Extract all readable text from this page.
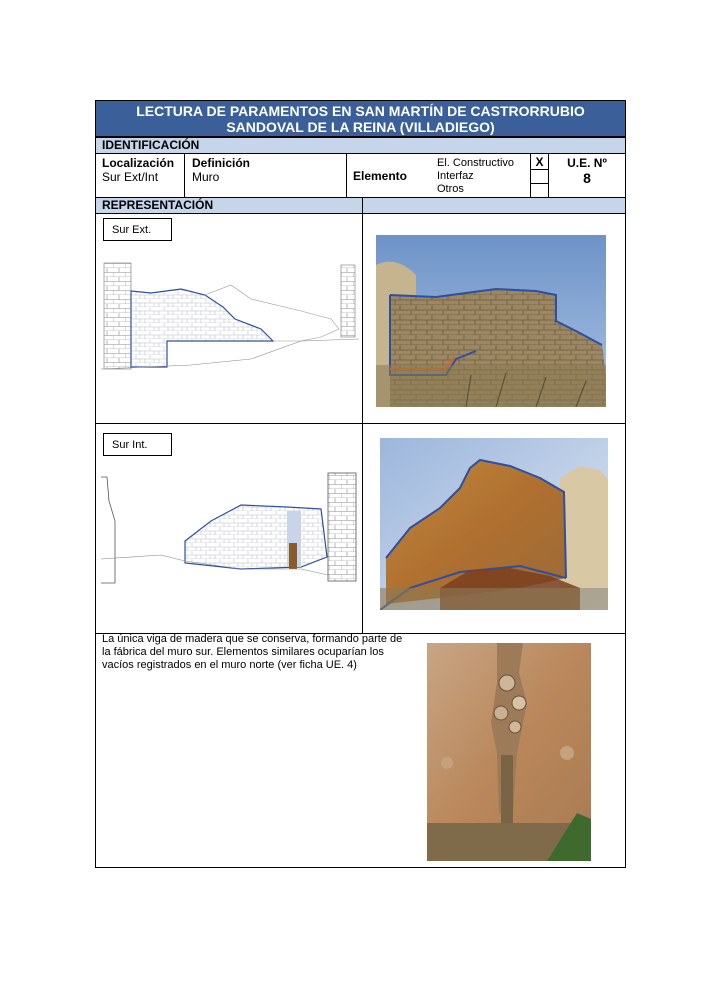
LECTURA DE PARAMENTOS EN SAN MARTÍN DE CASTRORRUBIO
SANDOVAL DE LA REINA (VILLADIEGO)
IDENTIFICACIÓN
Localización
Sur Ext/Int
Definición
Muro	Elemento
El. Constructivo
Interfaz
Otros
X	U.E. Nº
8
REPRESENTACIÓN
Sur Ext.
Sur Int.
La única viga de madera que se conserva, formando parte de la fábrica del muro sur. Elementos similares ocuparían los vacíos registrados en el muro norte (ver ficha UE. 4)
